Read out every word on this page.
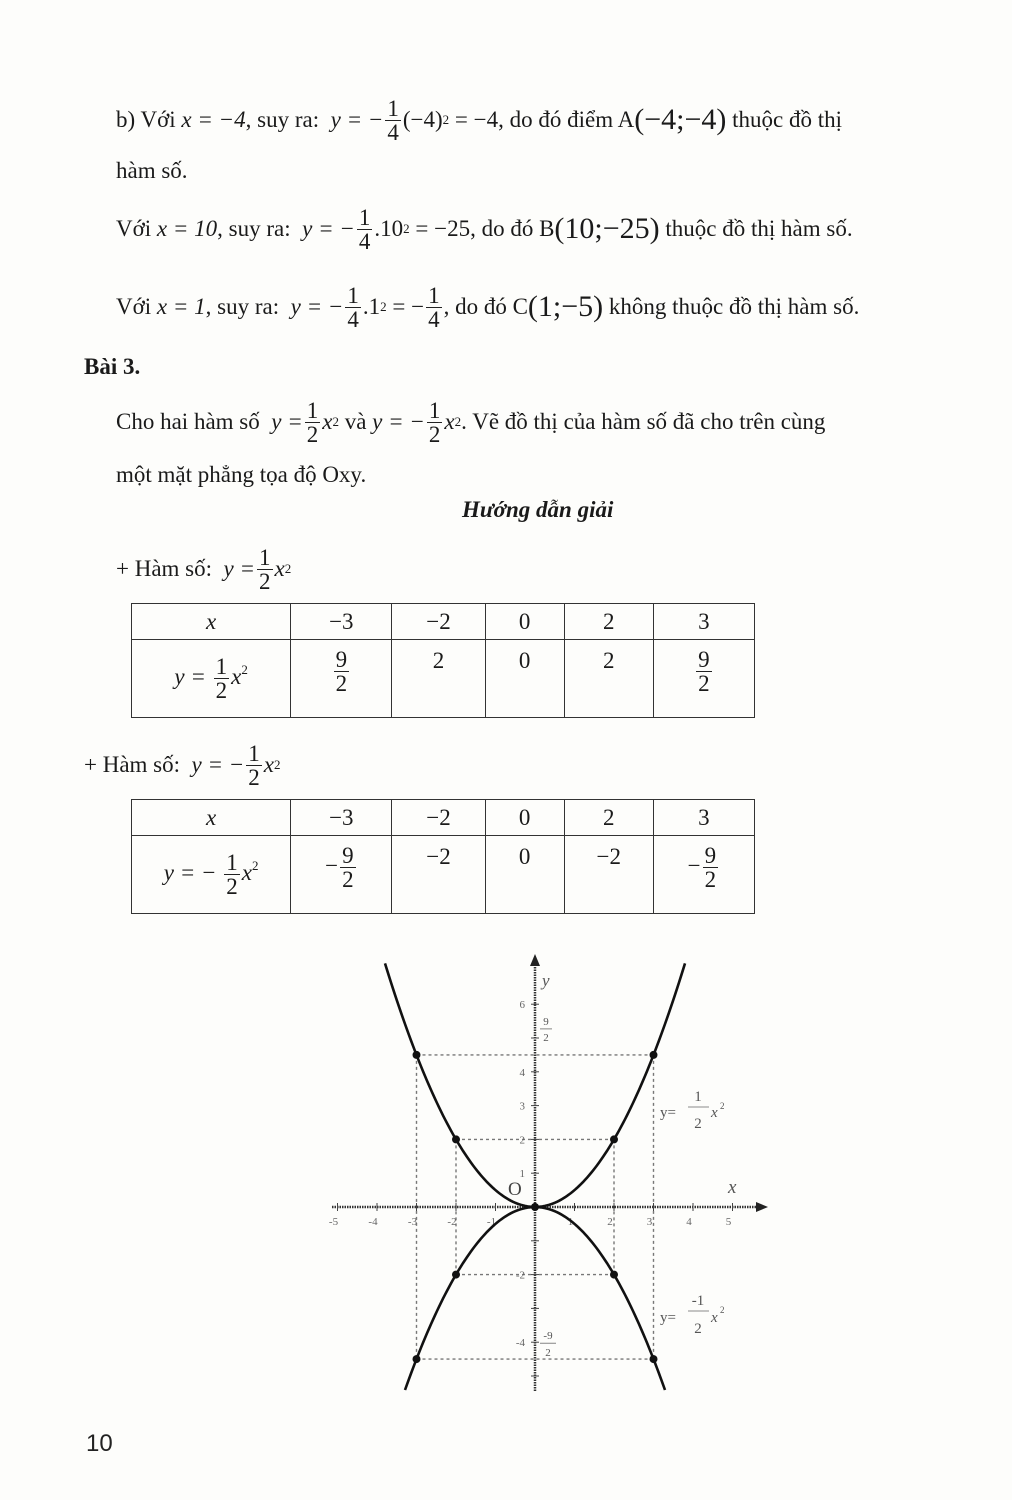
b) Với
x = −4 , suy ra:
y = − $\frac{1}{4} (-4)$ 2
= −4 , do đó điểm A (−4;−4)
thuộc đồ thị
hàm số.
Với
x = 10 , suy ra:
y = − $\frac{1}{4} .10$ 2
= −25 , do đó B (10;−25)
thuộc đồ thị hàm số.
Với
x = 1 , suy ra:
y = − $\frac{1}{4} .1$ 2
= − $\frac{1}{4}$ , do đó C (1;−5)
không thuộc đồ thị hàm số.
Bài 3.
Cho hai hàm số
$y = \frac{1}{2}$ x 2
và
y = − $\frac{1}{2}$ x 2 . Vẽ đồ thị của hàm số đã cho trên cùng
một mặt phẳng tọa độ Oxy.
Hướng dẫn giải
+ Hàm số:
$y = \frac{1}{2}$ x 2
x	−3	−2	0	2	3
$y = \frac{1}{2} x^2$	$\frac{9}{2}$	2	0	2	$\frac{9}{2}$
+ Hàm số:
y = − $\frac{1}{2}$ x 2
x	−3	−2	0	2	3
y = − $\frac{1}{2} x^2$	− $\frac{9}{2}$	−2	0	−2	− $\frac{9}{2}$
-5	-4	-3	-2	-1	1	2	3	4	5
6
4
3
2
1
-2
-4
x
y
O
9
2
-9
2
y=
1
2
x 2
y=
-1
2
x 2
10
